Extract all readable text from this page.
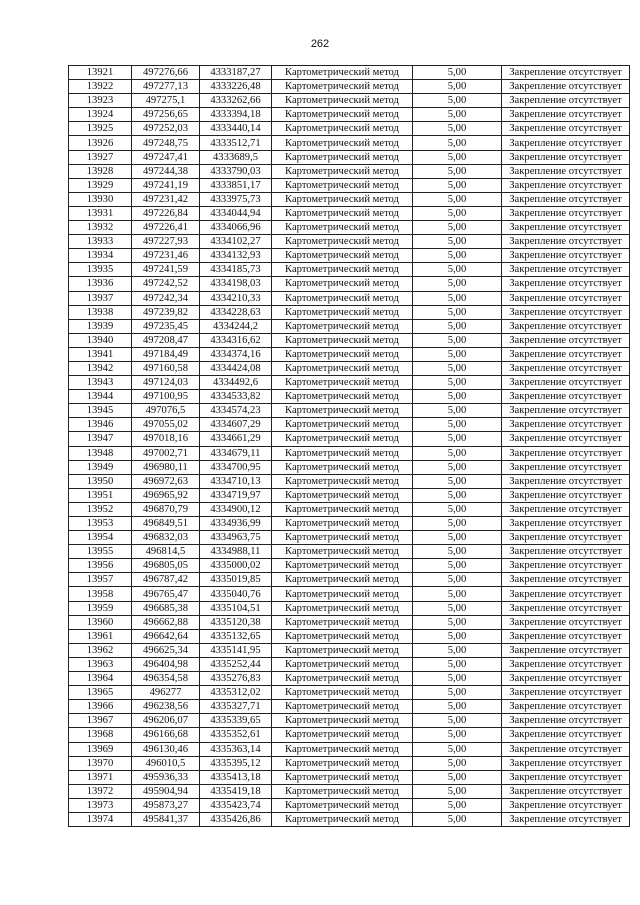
262
13921	497276,66	4333187,27	Картометрический метод	5,00	Закрепление отсутствует
13922	497277,13	4333226,48	Картометрический метод	5,00	Закрепление отсутствует
13923	497275,1	4333262,66	Картометрический метод	5,00	Закрепление отсутствует
13924	497256,65	4333394,18	Картометрический метод	5,00	Закрепление отсутствует
13925	497252,03	4333440,14	Картометрический метод	5,00	Закрепление отсутствует
13926	497248,75	4333512,71	Картометрический метод	5,00	Закрепление отсутствует
13927	497247,41	4333689,5	Картометрический метод	5,00	Закрепление отсутствует
13928	497244,38	4333790,03	Картометрический метод	5,00	Закрепление отсутствует
13929	497241,19	4333851,17	Картометрический метод	5,00	Закрепление отсутствует
13930	497231,42	4333975,73	Картометрический метод	5,00	Закрепление отсутствует
13931	497226,84	4334044,94	Картометрический метод	5,00	Закрепление отсутствует
13932	497226,41	4334066,96	Картометрический метод	5,00	Закрепление отсутствует
13933	497227,93	4334102,27	Картометрический метод	5,00	Закрепление отсутствует
13934	497231,46	4334132,93	Картометрический метод	5,00	Закрепление отсутствует
13935	497241,59	4334185,73	Картометрический метод	5,00	Закрепление отсутствует
13936	497242,52	4334198,03	Картометрический метод	5,00	Закрепление отсутствует
13937	497242,34	4334210,33	Картометрический метод	5,00	Закрепление отсутствует
13938	497239,82	4334228,63	Картометрический метод	5,00	Закрепление отсутствует
13939	497235,45	4334244,2	Картометрический метод	5,00	Закрепление отсутствует
13940	497208,47	4334316,62	Картометрический метод	5,00	Закрепление отсутствует
13941	497184,49	4334374,16	Картометрический метод	5,00	Закрепление отсутствует
13942	497160,58	4334424,08	Картометрический метод	5,00	Закрепление отсутствует
13943	497124,03	4334492,6	Картометрический метод	5,00	Закрепление отсутствует
13944	497100,95	4334533,82	Картометрический метод	5,00	Закрепление отсутствует
13945	497076,5	4334574,23	Картометрический метод	5,00	Закрепление отсутствует
13946	497055,02	4334607,29	Картометрический метод	5,00	Закрепление отсутствует
13947	497018,16	4334661,29	Картометрический метод	5,00	Закрепление отсутствует
13948	497002,71	4334679,11	Картометрический метод	5,00	Закрепление отсутствует
13949	496980,11	4334700,95	Картометрический метод	5,00	Закрепление отсутствует
13950	496972,63	4334710,13	Картометрический метод	5,00	Закрепление отсутствует
13951	496965,92	4334719,97	Картометрический метод	5,00	Закрепление отсутствует
13952	496870,79	4334900,12	Картометрический метод	5,00	Закрепление отсутствует
13953	496849,51	4334936,99	Картометрический метод	5,00	Закрепление отсутствует
13954	496832,03	4334963,75	Картометрический метод	5,00	Закрепление отсутствует
13955	496814,5	4334988,11	Картометрический метод	5,00	Закрепление отсутствует
13956	496805,05	4335000,02	Картометрический метод	5,00	Закрепление отсутствует
13957	496787,42	4335019,85	Картометрический метод	5,00	Закрепление отсутствует
13958	496765,47	4335040,76	Картометрический метод	5,00	Закрепление отсутствует
13959	496685,38	4335104,51	Картометрический метод	5,00	Закрепление отсутствует
13960	496662,88	4335120,38	Картометрический метод	5,00	Закрепление отсутствует
13961	496642,64	4335132,65	Картометрический метод	5,00	Закрепление отсутствует
13962	496625,34	4335141,95	Картометрический метод	5,00	Закрепление отсутствует
13963	496404,98	4335252,44	Картометрический метод	5,00	Закрепление отсутствует
13964	496354,58	4335276,83	Картометрический метод	5,00	Закрепление отсутствует
13965	496277	4335312,02	Картометрический метод	5,00	Закрепление отсутствует
13966	496238,56	4335327,71	Картометрический метод	5,00	Закрепление отсутствует
13967	496206,07	4335339,65	Картометрический метод	5,00	Закрепление отсутствует
13968	496166,68	4335352,61	Картометрический метод	5,00	Закрепление отсутствует
13969	496130,46	4335363,14	Картометрический метод	5,00	Закрепление отсутствует
13970	496010,5	4335395,12	Картометрический метод	5,00	Закрепление отсутствует
13971	495936,33	4335413,18	Картометрический метод	5,00	Закрепление отсутствует
13972	495904,94	4335419,18	Картометрический метод	5,00	Закрепление отсутствует
13973	495873,27	4335423,74	Картометрический метод	5,00	Закрепление отсутствует
13974	495841,37	4335426,86	Картометрический метод	5,00	Закрепление отсутствует
